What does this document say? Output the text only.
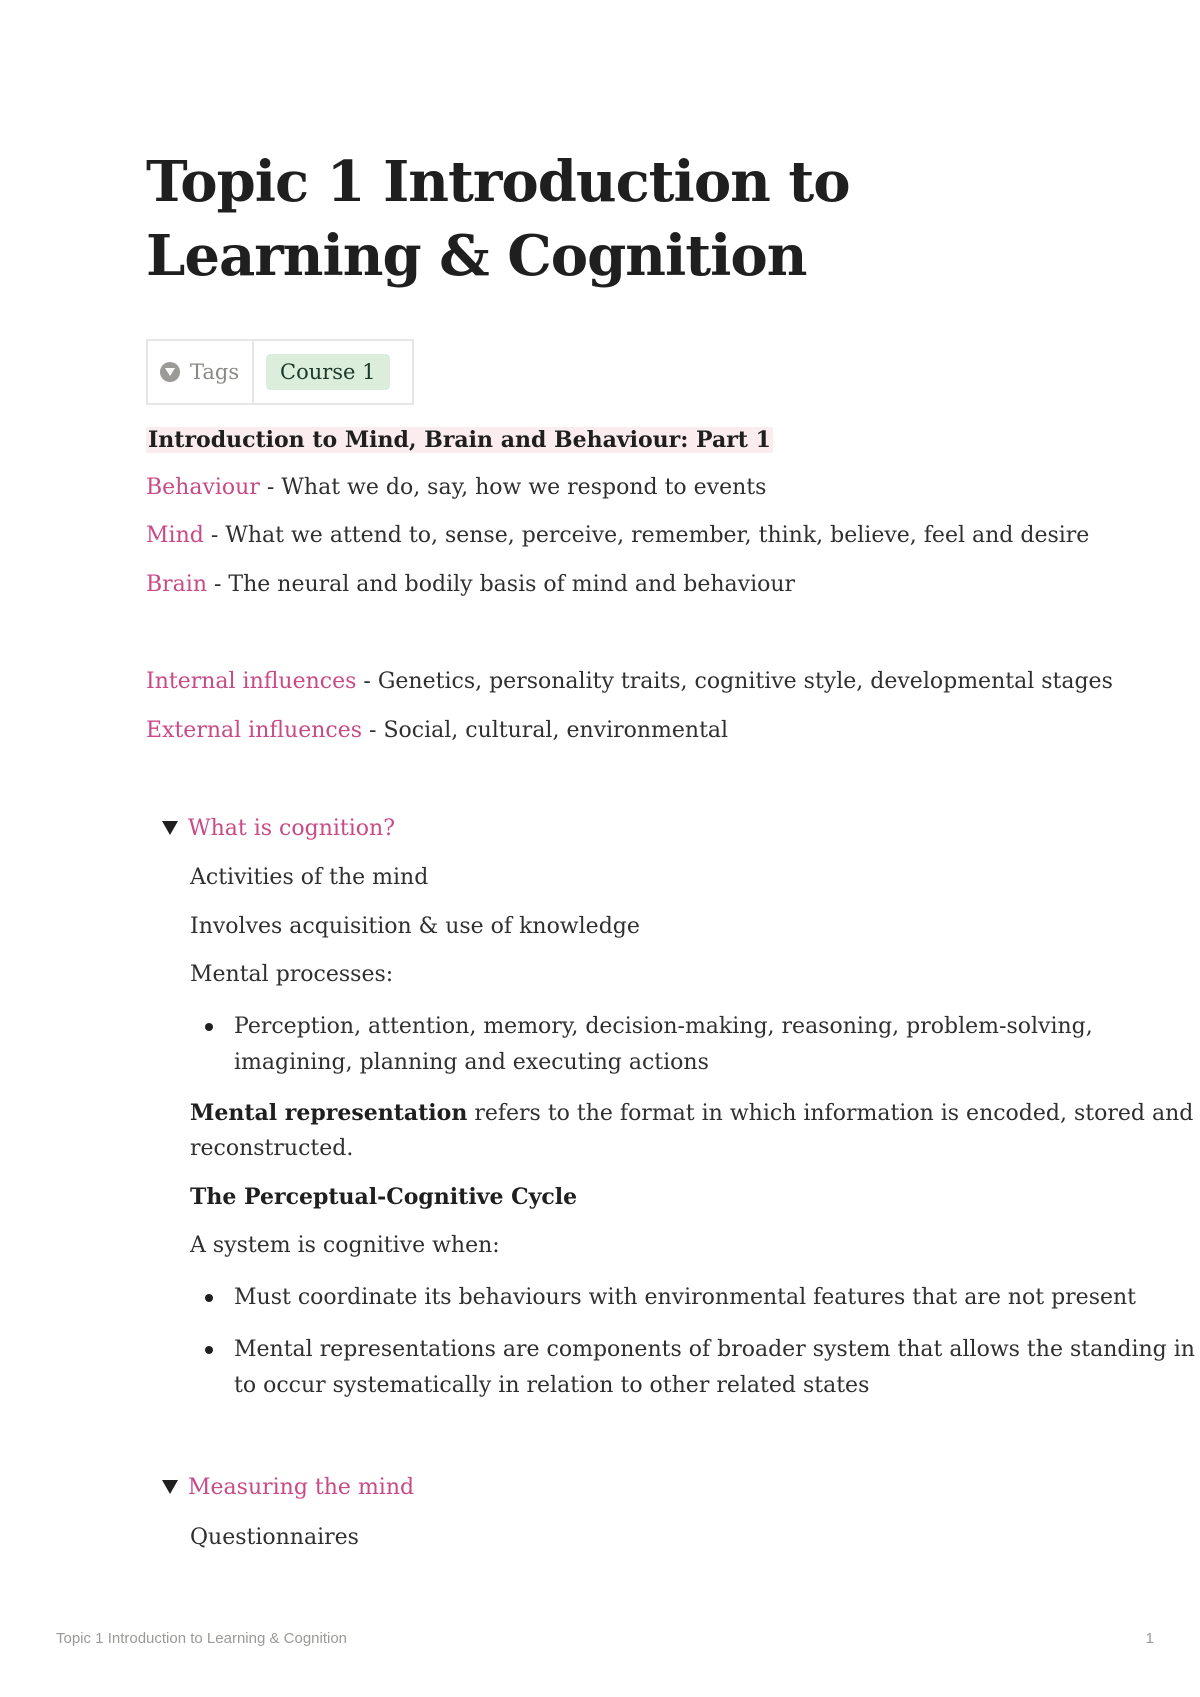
Topic 1 Introduction to Learning & Cognition
Tags	Course 1
Introduction to Mind, Brain and Behaviour: Part 1
Behaviour - What we do, say, how we respond to events
Mind - What we attend to, sense, perceive, remember, think, believe, feel and desire
Brain - The neural and bodily basis of mind and behaviour
Internal influences - Genetics, personality traits, cognitive style, developmental stages
External influences - Social, cultural, environmental
What is cognition?
Activities of the mind
Involves acquisition & use of knowledge
Mental processes:
Perception, attention, memory, decision-making, reasoning, problem-solving,
imagining, planning and executing actions
Mental representation refers to the format in which information is encoded, stored and
reconstructed.
The Perceptual-Cognitive Cycle
A system is cognitive when:
Must coordinate its behaviours with environmental features that are not present
Mental representations are components of broader system that allows the standing in
to occur systematically in relation to other related states
Measuring the mind
Questionnaires
Topic 1 Introduction to Learning & Cognition	1
